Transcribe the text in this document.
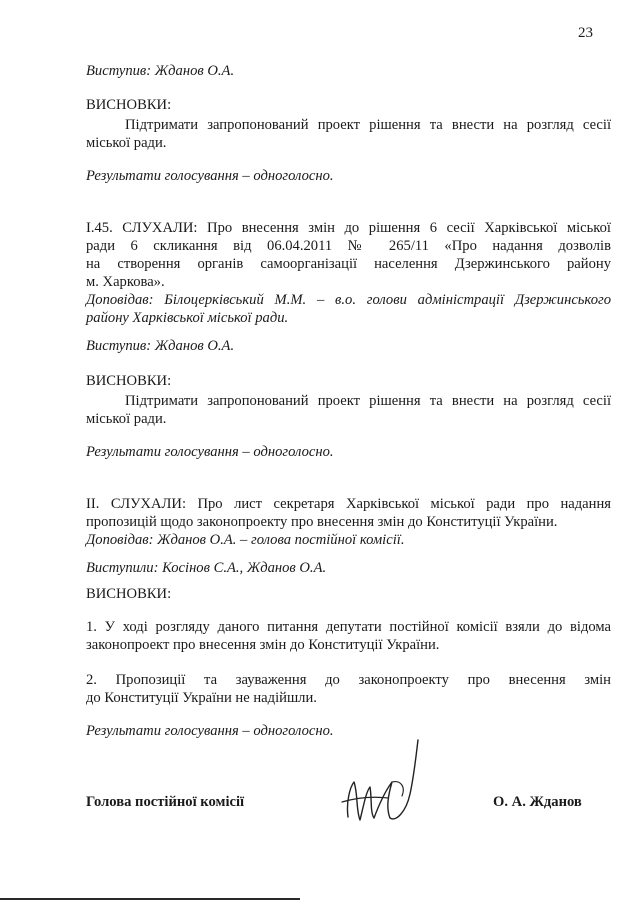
23
Виступив: Жданов О.А.
ВИСНОВКИ:
Підтримати запропонований проект рішення та внести на розгляд сесії
міської ради.
Результати голосування – одноголосно.
I.45. СЛУХАЛИ: Про внесення змін до рішення 6 сесії Харківської міської
ради 6 скликання від 06.04.2011 № 265/11 «Про надання дозволів
на створення органів самоорганізації населення Дзержинського району
м. Харкова».
Доповідав: Білоцерківський М.М. – в.о. голови адміністрації Дзержинського
району Харківської міської ради.
Виступив: Жданов О.А.
ВИСНОВКИ:
Підтримати запропонований проект рішення та внести на розгляд сесії
міської ради.
Результати голосування – одноголосно.
II. СЛУХАЛИ: Про лист секретаря Харківської міської ради про надання
пропозицій щодо законопроекту про внесення змін до Конституції України.
Доповідав: Жданов О.А. – голова постійної комісії.
Виступили: Косінов С.А., Жданов О.А.
ВИСНОВКИ:
1. У ході розгляду даного питання депутати постійної комісії взяли до відома
законопроект про внесення змін до Конституції України.
2. Пропозиції та зауваження до законопроекту про внесення змін
до Конституції України не надійшли.
Результати голосування – одноголосно.
Голова постійної комісії	О. А. Жданов
